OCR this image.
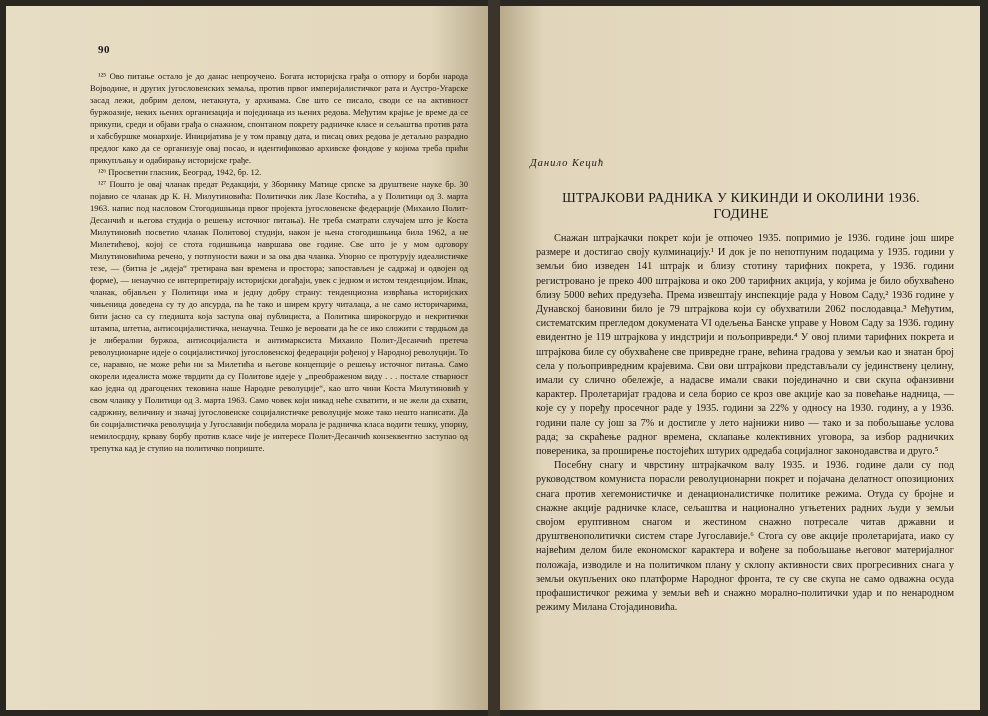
90

¹²⁵ Ово питање остало је до данас непроучено. Богата историјска грађа о отпору и борби народа Војводине, и других југословенских земаља, против првог империјалистичког рата и Аустро-Угарске засад лежи, добрим делом, нетакнута, у архивама. Све што се писало, своди се на активност буржоазије, неких њених организација и појединаца из њених редова. Међутим крајње је време да се прикупи, среди и објави грађа о снажном, спонтаном покрету радничке класе и сељаштва против рата и хабсбуршке монархије. Иницијатива је у том правцу дата, и писац ових редова је детаљно разрадио предлог како да се организује овај посао, и идентификовао архивске фондове у којима треба прићи прикупљању и одабирању историјске грађе.

¹²⁶ Просветни гласник, Београд, 1942, бр. 12.

¹²⁷ Пошто је овај чланак предат Редакцији, у Зборнику Матице српске за друштвене науке бр. 30 појавио се чланак др К. Н. Милутиновића: Политички лик Лазе Костића, а у Политици од 3. марта 1963. напис под насловом Стогодишњица првог пројекта југословенске федерације (Михаило Полит-Десанчић и његова студија о решењу источног питања). Не треба сматрати случајем што је Коста Милутиновић посветио чланак Политовој студији, након је њена стогодишњица била 1962, а не Милетићевој, којој се стота годишњица навршава ове године. Све што је у мом одговору Милутиновићима речено, у потпуности важи и за ова два чланка. Упорно се протурују идеалистичке тезе, — (битна је „идеја“ третирана ван времена и простора; запостављен је садржај и одвојен од форме), — ненаучно се интерпретирају историјски догађаји, увек с једном и истом тенденцијом. Ипак, чланак, објављен у Политици има и једну добру страну: тенденциозна изврћања историјских чињеница доведена су ту до апсурда, па ће тако и ширем кругу читалаца, а не само историчарима, бити јасно са су гледишта која заступа овај публициста, а Политика широкогрудо и некритички штампа, штетна, антисоцијалистичка, ненаучна. Тешко је веровати да ће се ико сложити с тврдњом да је либерални буржоа, антисоцијалиста и антимарксиста Михаило Полит-Десанчић претеча револуционарне идеје о социјалистичкој југословенској федерацији рођеној у Народној револуцији. То се, наравно, не може рећи ни за Милетића и његове концепције о решењу источног питања. Само окорели идеалиста може тврдити да су Политове идеје у „преображеном виду . . . постале стварност као једна од драгоцених тековина наше Народне револуције“, као што чини Коста Милутиновић у свом чланку у Политици од 3. марта 1963. Само човек који никад неће схватити, и не жели да схвати, садржину, величину и значај југословенске социјалистичке револуције може тако нешто написати. Да би социјалистичка револуција у Југославији победила морала је радничка класа водити тешку, упорну, немилосрдну, крваву борбу против класе чије је интересе Полит-Десанчић конзеквентно заступао од трепутка кад је ступио на политичко поприште.

Данило Кецић
ШТРАЈКОВИ РАДНИКА У КИКИНДИ И ОКОЛИНИ 1936. ГОДИНЕ

Снажан штрајкачки покрет који је отпочео 1935. попримио је 1936. године још шире размере и достигао своју кулминацију.¹ И док је по непотпуним подацима у 1935. години у земљи био изведен 141 штрајк и близу стотину тарифних покрета, у 1936. години регистровано је преко 400 штрајкова и око 200 тарифних акција, у којима је било обухваћено близу 5000 већих предузећа. Према извештају инспекције рада у Новом Саду,² 1936 године у Дунавској бановини било је 79 штрајкова који су обухватили 2062 послодавца.³ Међутим, систематским прегледом докумената VI одељења Банске управе у Новом Саду за 1936. годину евидентно је 119 штрајкова у индстрији и пољопривреди.⁴ У овој плими тарифних покрета и штрајкова биле су обухваћене све привредне гране, већина градова у земљи као и знатан број села у пољопривредним крајевима. Сви ови штрајкови представљали су јединствену целину, имали су слично обележје, а надасве имали сваки појединачно и сви скупа офанзивни карактер. Пролетаријат градова и села борио се кроз ове акције као за повећање надница, — које су у поређу просечног раде у 1935. години за 22% у односу на 1930. годину, а у 1936. години пале су још за 7% и достигле у лето најнижи ниво — тако и за побољшање услова рада; за скраћење радног времена, склапање колективних уговора, за избор радничких повереника, за проширење постојећих штурих одредаба социјалног законодавства и друго.⁵

Посебну снагу и чврстину штрајкачком валу 1935. и 1936. године дали су под руководством комуниста порасли револуционарни покрет и појачана делатност опозиционих снага против хегемонистичке и денационалистичке политике режима. Отуда су бројне и снажне акције радничке класе, сељаштва и национално угњетених радних људи у земљи својом еруптивном снагом и жестином снажно потресале читав државни и друштвенополитички систем старе Југославије.⁶ Стога су ове акције пролетаријата, иако су највећим делом биле економског карактера и вођене за побољшање његовог материјалног положаја, изводиле и на политичком плану у склопу активности свих прогресивних снага у земљи окупљених око платформе Народног фронта, те су све скупа не само одважна осуда профашистичког режима у земљи већ и снажно морално-политички удар и по ненародном режиму Милана Стојадиновића.
